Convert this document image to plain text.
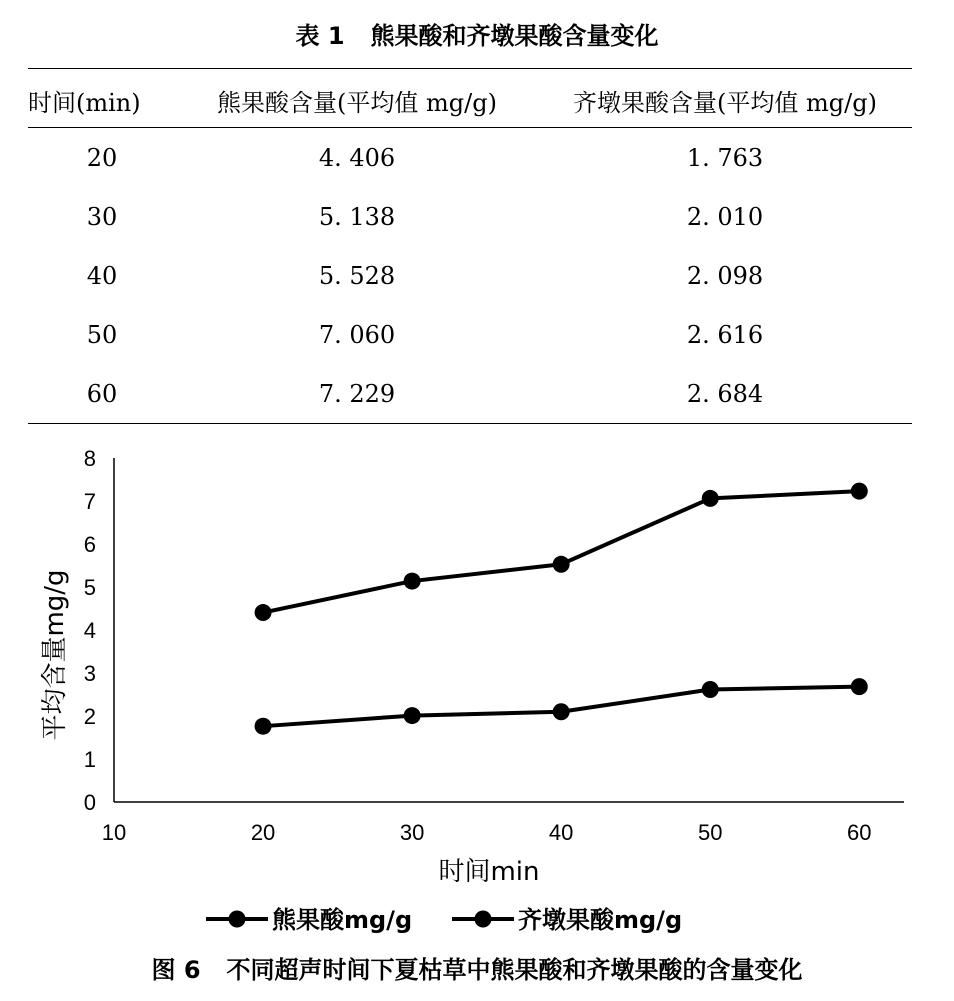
表 1 熊果酸和齐墩果酸含量变化
时间(min)	熊果酸含量(平均值 mg/g)	齐墩果酸含量(平均值 mg/g)
20	4. 406	1. 763
30	5. 138	2. 010
40	5. 528	2. 098
50	7. 060	2. 616
60	7. 229	2. 684
0
1
2
3
4
5
6
7
8
10	20	30	40	50	60
时间min
平均含量mg/g
熊果酸mg/g	齐墩果酸mg/g
图 6 不同超声时间下夏枯草中熊果酸和齐墩果酸的含量变化
